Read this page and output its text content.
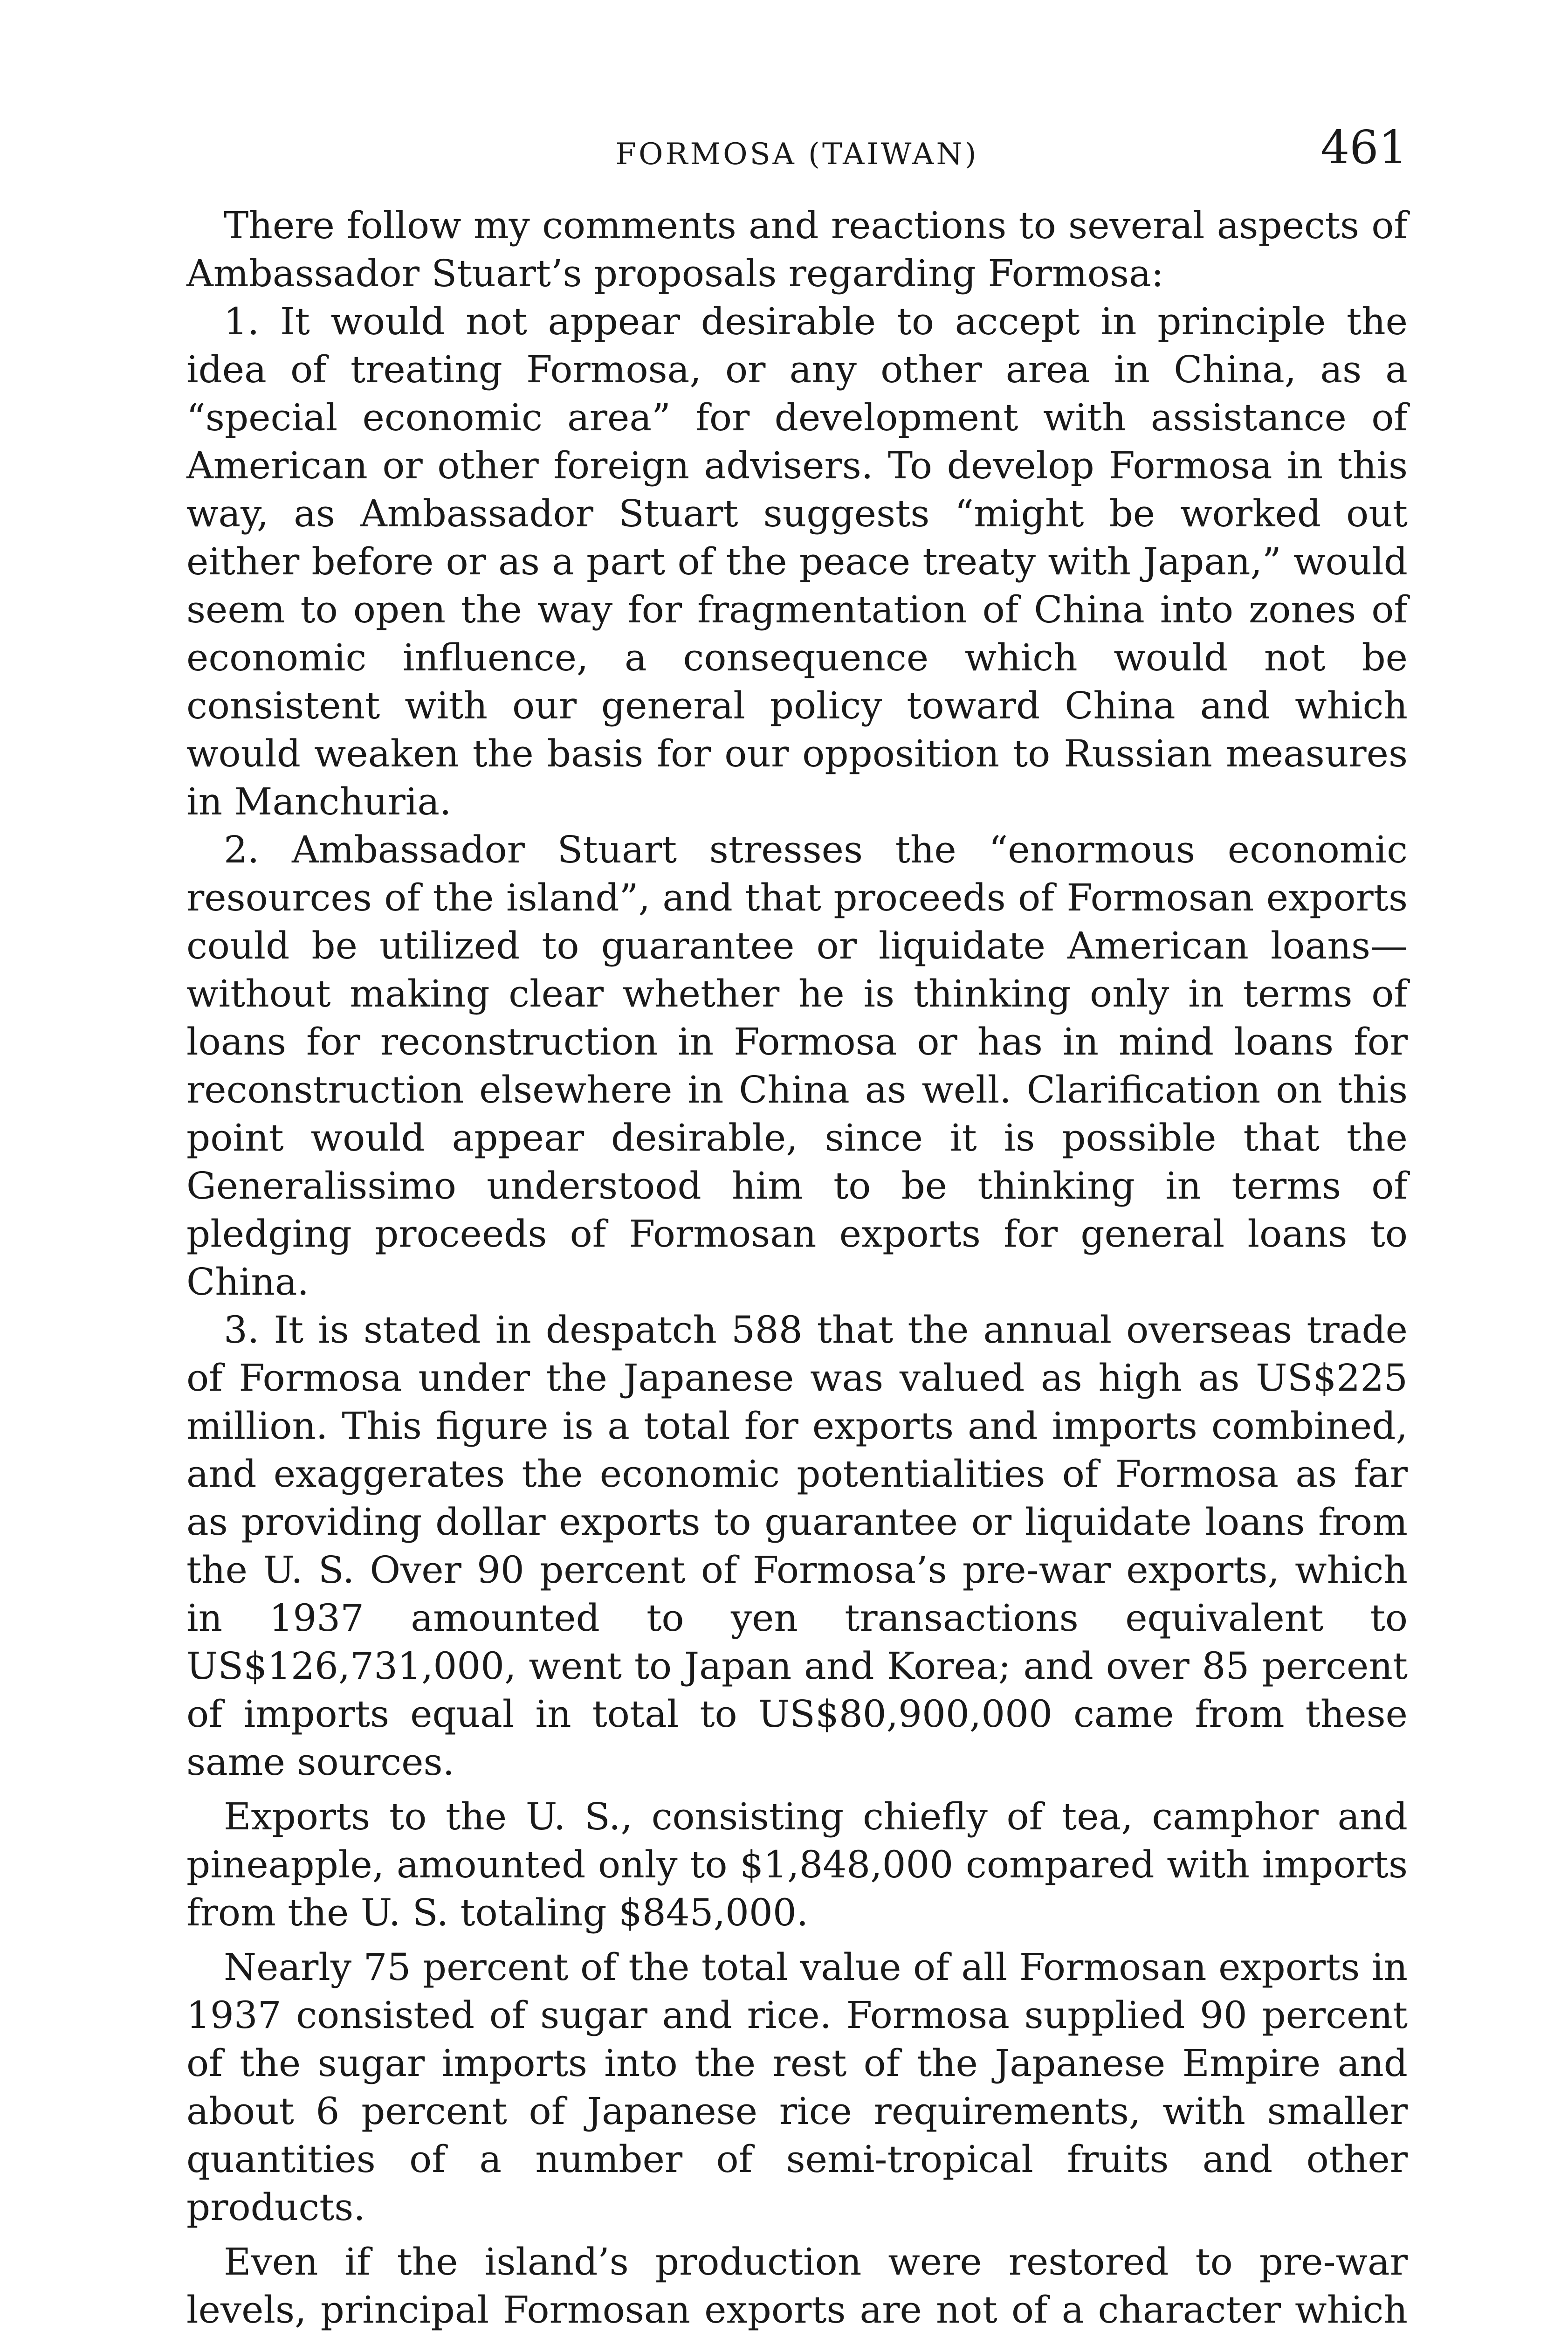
FORMOSA (TAIWAN)	461

There follow my comments and reactions to several aspects of Ambassador Stuart’s proposals regarding Formosa:

1. It would not appear desirable to accept in principle the idea of treating Formosa, or any other area in China, as a “special economic area” for development with assistance of American or other foreign advisers. To develop Formosa in this way, as Ambassador Stuart suggests “might be worked out either before or as a part of the peace treaty with Japan,” would seem to open the way for fragmentation of China into zones of economic influence, a consequence which would not be consistent with our general policy toward China and which would weaken the basis for our opposition to Russian measures in Manchuria.

2. Ambassador Stuart stresses the “enormous economic resources of the island”, and that proceeds of Formosan exports could be utilized to guarantee or liquidate American loans—without making clear whether he is thinking only in terms of loans for reconstruction in Formosa or has in mind loans for reconstruction elsewhere in China as well. Clarification on this point would appear desirable, since it is possible that the Generalissimo understood him to be thinking in terms of pledging proceeds of Formosan exports for general loans to China.

3. It is stated in despatch 588 that the annual overseas trade of Formosa under the Japanese was valued as high as US$225 million. This figure is a total for exports and imports combined, and exaggerates the economic potentialities of Formosa as far as providing dollar exports to guarantee or liquidate loans from the U. S. Over 90 percent of Formosa’s pre-war exports, which in 1937 amounted to yen transactions equivalent to US$126,731,000, went to Japan and Korea; and over 85 percent of imports equal in total to US$80,900,000 came from these same sources.

Exports to the U. S., consisting chiefly of tea, camphor and pineapple, amounted only to $1,848,000 compared with imports from the U. S. totaling $845,000.

Nearly 75 percent of the total value of all Formosan exports in 1937 consisted of sugar and rice. Formosa supplied 90 percent of the sugar imports into the rest of the Japanese Empire and about 6 percent of Japanese rice requirements, with smaller quantities of a number of semi-tropical fruits and other products.

Even if the island’s production were restored to pre-war levels, principal Formosan exports are not of a character which
